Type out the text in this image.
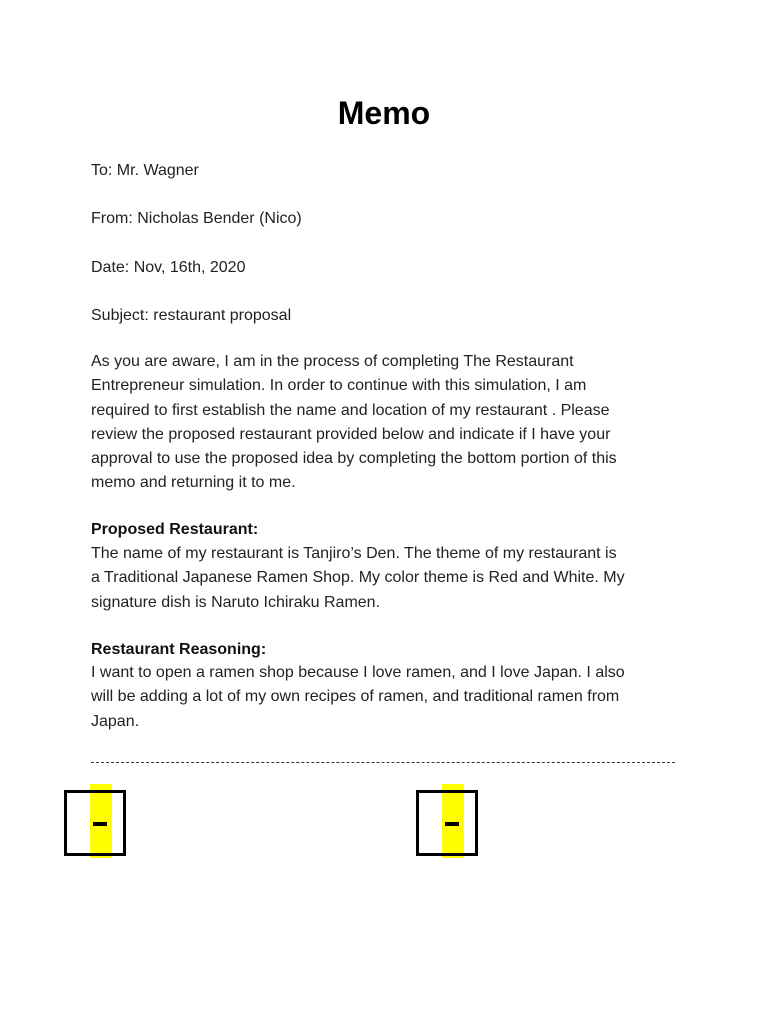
Memo
To: Mr. Wagner
From: Nicholas Bender (Nico)
Date: Nov, 16th, 2020
Subject: restaurant proposal
As you are aware, I am in the process of completing The Restaurant
Entrepreneur simulation. In order to continue with this simulation, I am
required to first establish the name and location of my restaurant . Please
review the proposed restaurant provided below and indicate if I have your
approval to use the proposed idea by completing the bottom portion of this
memo and returning it to me.
Proposed Restaurant:
The name of my restaurant is Tanjiro’s Den. The theme of my restaurant is
a Traditional Japanese Ramen Shop. My color theme is Red and White. My
signature dish is Naruto Ichiraku Ramen.
Restaurant Reasoning:
I want to open a ramen shop because I love ramen, and I love Japan. I also
will be adding a lot of my own recipes of ramen, and traditional ramen from
Japan.
